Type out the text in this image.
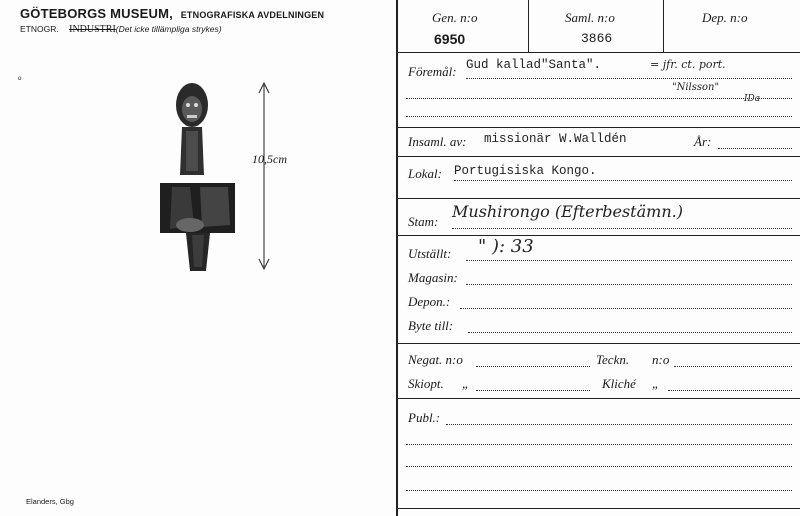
GÖTEBORGS MUSEUM, ETNOGRAFISKA AVDELNINGEN
ETNOGR. INDUSTRI(Det icke tillämpliga strykes)
ᵒ
10,5cm
Elanders, Gbg
Gen. n:o
6950
Saml. n:o
3866
Dep. n:o
Föremål: Gud kallad"Santa".	= jfr. ct. port.
"Nilsson"
IDa
Insaml. av: missionär W.Walldén	År:
Lokal: Portugisiska Kongo.
Stam:
Mushirongo (Efterbestämn.)
Utställt: " ): 33
Magasin:
Depon.:
Byte till:
Negat. n:o	Teckn. n:o
Skiopt. „	Kliché „
Publ.:
